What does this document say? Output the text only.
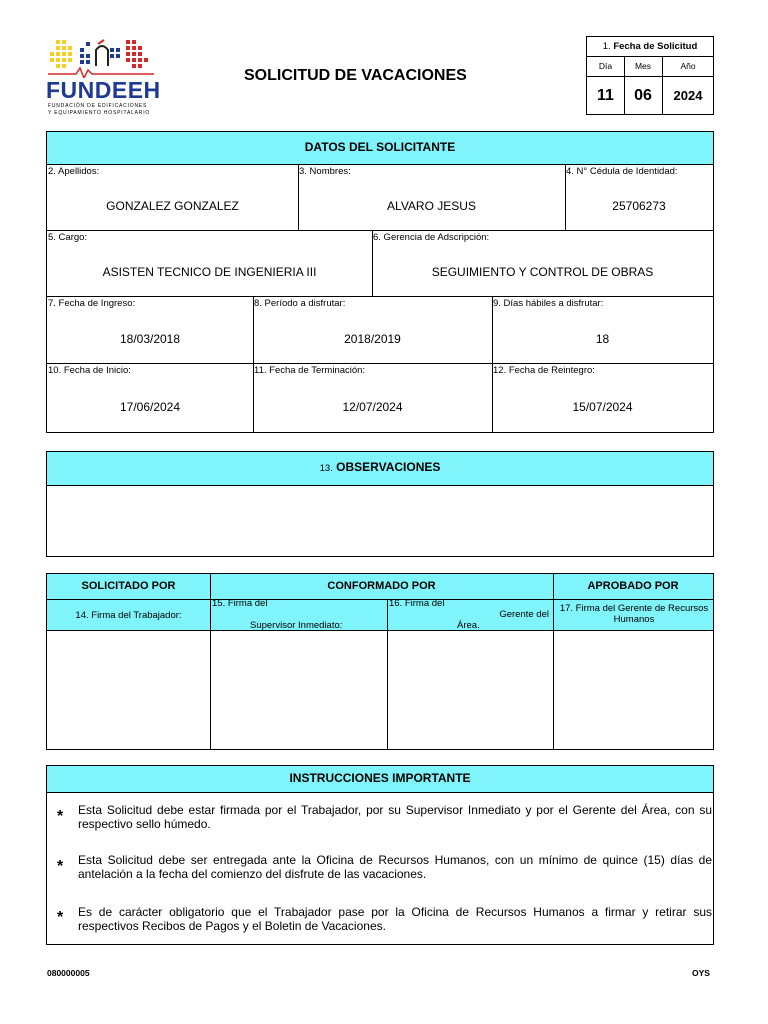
FUNDEEH
FUNDACIÓN DE EDIFICACIONES
Y EQUIPAMIENTO HOSPITALARIO
SOLICITUD DE VACACIONES
1. Fecha de Solicitud
Día	Mes	Año
11	06	2024
DATOS DEL SOLICITANTE
2. Apellidos:
GONZALEZ GONZALEZ
3. Nombres:
ALVARO JESUS
4. N° Cédula de Identidad:
25706273
5. Cargo:
ASISTEN TECNICO DE INGENIERIA III
6. Gerencia de Adscripción:
SEGUIMIENTO Y CONTROL DE OBRAS
7. Fecha de Ingreso:
18/03/2018
8. Período a disfrutar:
2018/2019
9. Días hábiles a disfrutar:
18
10. Fecha de Inicio:
17/06/2024
11. Fecha de Terminación:
12/07/2024
12. Fecha de Reintegro:
15/07/2024
13. OBSERVACIONES
SOLICITADO POR	CONFORMADO POR	APROBADO POR
14. Firma del Trabajador:
15. Firma del
Supervisor Inmediato:
16. Firma del
Gerente del
Área.
17. Firma del Gerente de Recursos Humanos
INSTRUCCIONES IMPORTANTE
* Esta Solicitud debe estar firmada por el Trabajador, por su Supervisor Inmediato y por el Gerente del Área, con su respectivo sello húmedo.
* Esta Solicitud debe ser entregada ante la Oficina de Recursos Humanos, con un mínimo de quince (15) días de antelación a la fecha del comienzo del disfrute de las vacaciones.
* Es de carácter obligatorio que el Trabajador pase por la Oficina de Recursos Humanos a firmar y retirar sus respectivos Recibos de Pagos y el Boletin de Vacaciones.
080000005	OYS
